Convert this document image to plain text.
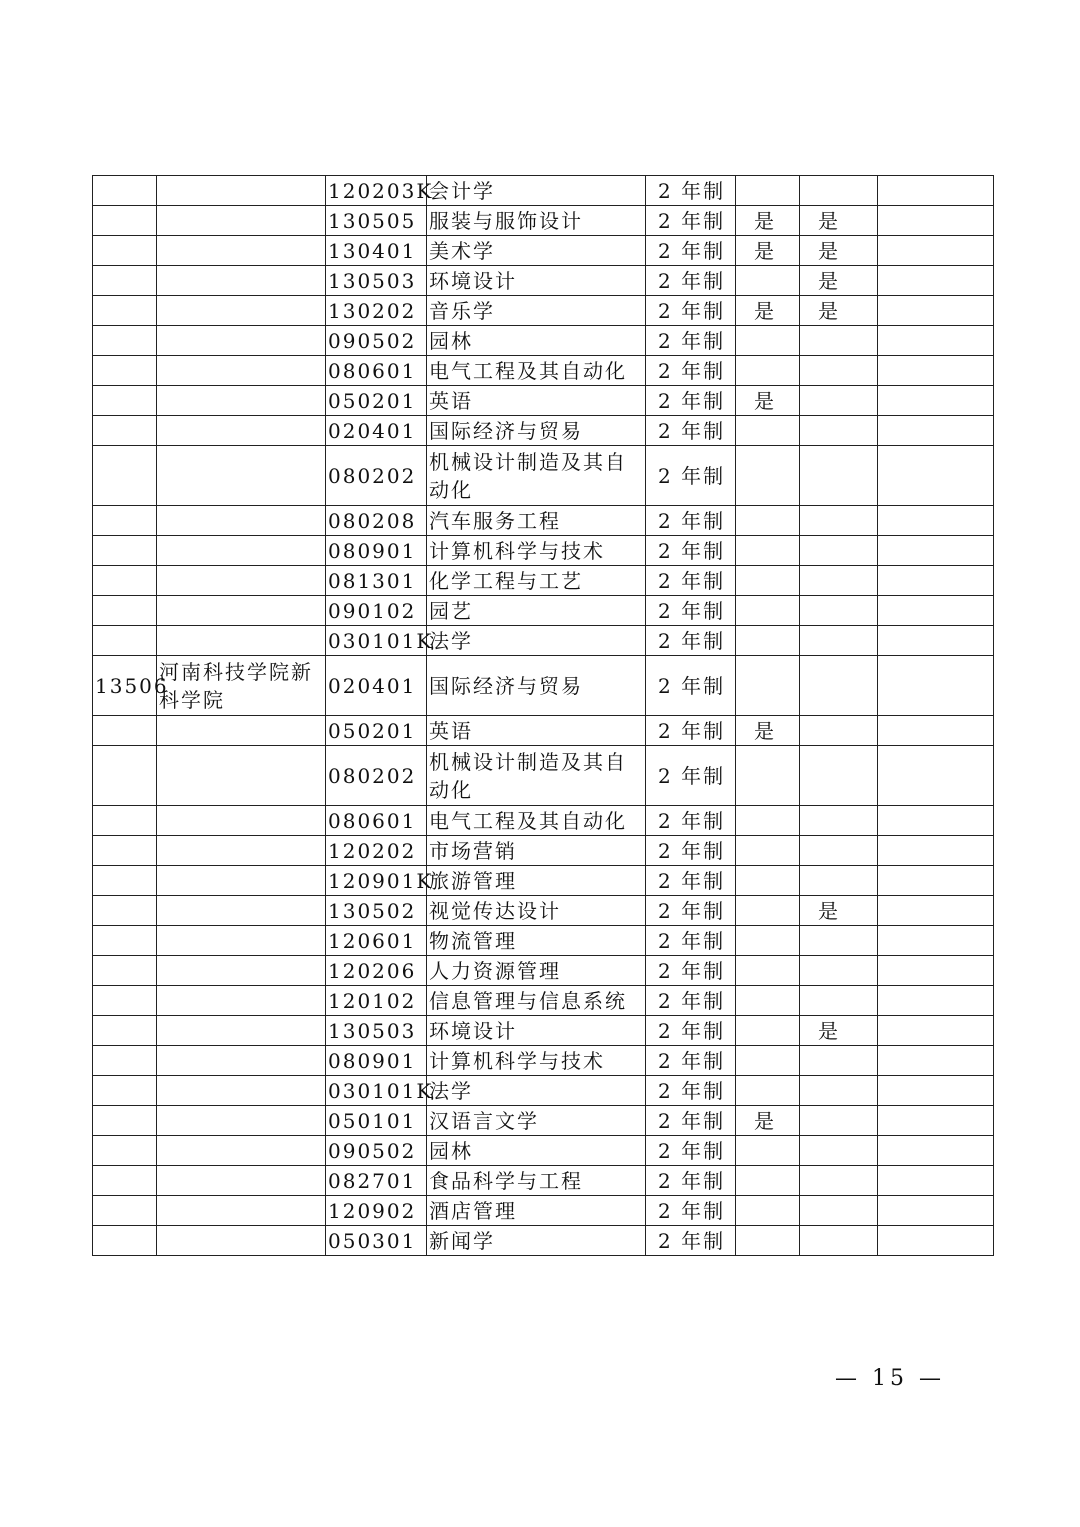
		120203K	会计学	2 年制			
		130505	服装与服饰设计	2 年制	是	是	
		130401	美术学	2 年制	是	是	
		130503	环境设计	2 年制		是	
		130202	音乐学	2 年制	是	是	
		090502	园林	2 年制			
		080601	电气工程及其自动化	2 年制			
		050201	英语	2 年制	是		
		020401	国际经济与贸易	2 年制			
		080202	机械设计制造及其自动化	2 年制			
		080208	汽车服务工程	2 年制			
		080901	计算机科学与技术	2 年制			
		081301	化学工程与工艺	2 年制			
		090102	园艺	2 年制			
		030101K	法学	2 年制			
13506	河南科技学院新科学院	020401	国际经济与贸易	2 年制			
		050201	英语	2 年制	是		
		080202	机械设计制造及其自动化	2 年制			
		080601	电气工程及其自动化	2 年制			
		120202	市场营销	2 年制			
		120901K	旅游管理	2 年制			
		130502	视觉传达设计	2 年制		是	
		120601	物流管理	2 年制			
		120206	人力资源管理	2 年制			
		120102	信息管理与信息系统	2 年制			
		130503	环境设计	2 年制		是	
		080901	计算机科学与技术	2 年制			
		030101K	法学	2 年制			
		050101	汉语言文学	2 年制	是		
		090502	园林	2 年制			
		082701	食品科学与工程	2 年制			
		120902	酒店管理	2 年制			
		050301	新闻学	2 年制			
— 15 —
